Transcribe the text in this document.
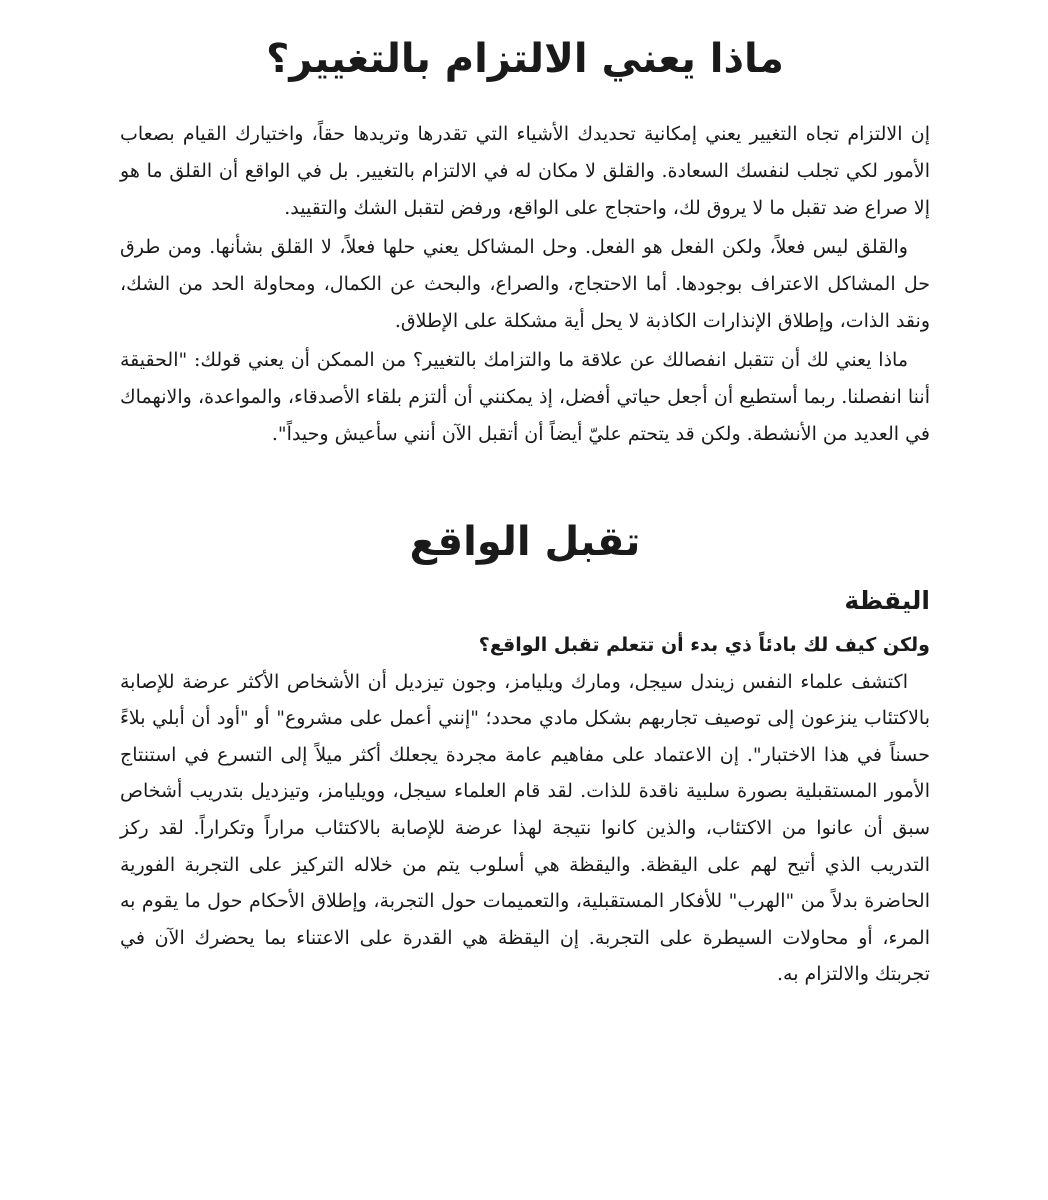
ماذا يعني الالتزام بالتغيير؟

إن الالتزام تجاه التغيير يعني إمكانية تحديدك الأشياء التي تقدرها وتريدها حقاً، واختيارك القيام بصعاب الأمور لكي تجلب لنفسك السعادة. والقلق لا مكان له في الالتزام بالتغيير. بل في الواقع أن القلق ما هو إلا صراع ضد تقبل ما لا يروق لك، واحتجاج على الواقع، ورفض لتقبل الشك والتقييد.

والقلق ليس فعلاً، ولكن الفعل هو الفعل. وحل المشاكل يعني حلها فعلاً، لا القلق بشأنها. ومن طرق حل المشاكل الاعتراف بوجودها. أما الاحتجاج، والصراع، والبحث عن الكمال، ومحاولة الحد من الشك، ونقد الذات، وإطلاق الإنذارات الكاذبة لا يحل أية مشكلة على الإطلاق.

ماذا يعني لك أن تتقبل انفصالك عن علاقة ما والتزامك بالتغيير؟ من الممكن أن يعني قولك: "الحقيقة أننا انفصلنا. ربما أستطيع أن أجعل حياتي أفضل، إذ يمكنني أن ألتزم بلقاء الأصدقاء، والمواعدة، والانهماك في العديد من الأنشطة. ولكن قد يتحتم عليّ أيضاً أن أتقبل الآن أنني سأعيش وحيداً".

تقبل الواقع
اليقظة

ولكن كيف لك بادئاً ذي بدء أن تتعلم تقبل الواقع؟

اكتشف علماء النفس زيندل سيجل، ومارك ويليامز، وجون تيزديل أن الأشخاص الأكثر عرضة للإصابة بالاكتئاب ينزعون إلى توصيف تجاربهم بشكل مادي محدد؛ "إنني أعمل على مشروع" أو "أود أن أبلي بلاءً حسناً في هذا الاختبار". إن الاعتماد على مفاهيم عامة مجردة يجعلك أكثر ميلاً إلى التسرع في استنتاج الأمور المستقبلية بصورة سلبية ناقدة للذات. لقد قام العلماء سيجل، وويليامز، وتيزديل بتدريب أشخاص سبق أن عانوا من الاكتئاب، والذين كانوا نتيجة لهذا عرضة للإصابة بالاكتئاب مراراً وتكراراً. لقد ركز التدريب الذي أتيح لهم على اليقظة. واليقظة هي أسلوب يتم من خلاله التركيز على التجربة الفورية الحاضرة بدلاً من "الهرب" للأفكار المستقبلية، والتعميمات حول التجربة، وإطلاق الأحكام حول ما يقوم به المرء، أو محاولات السيطرة على التجربة. إن اليقظة هي القدرة على الاعتناء بما يحضرك الآن في تجربتك والالتزام به.
